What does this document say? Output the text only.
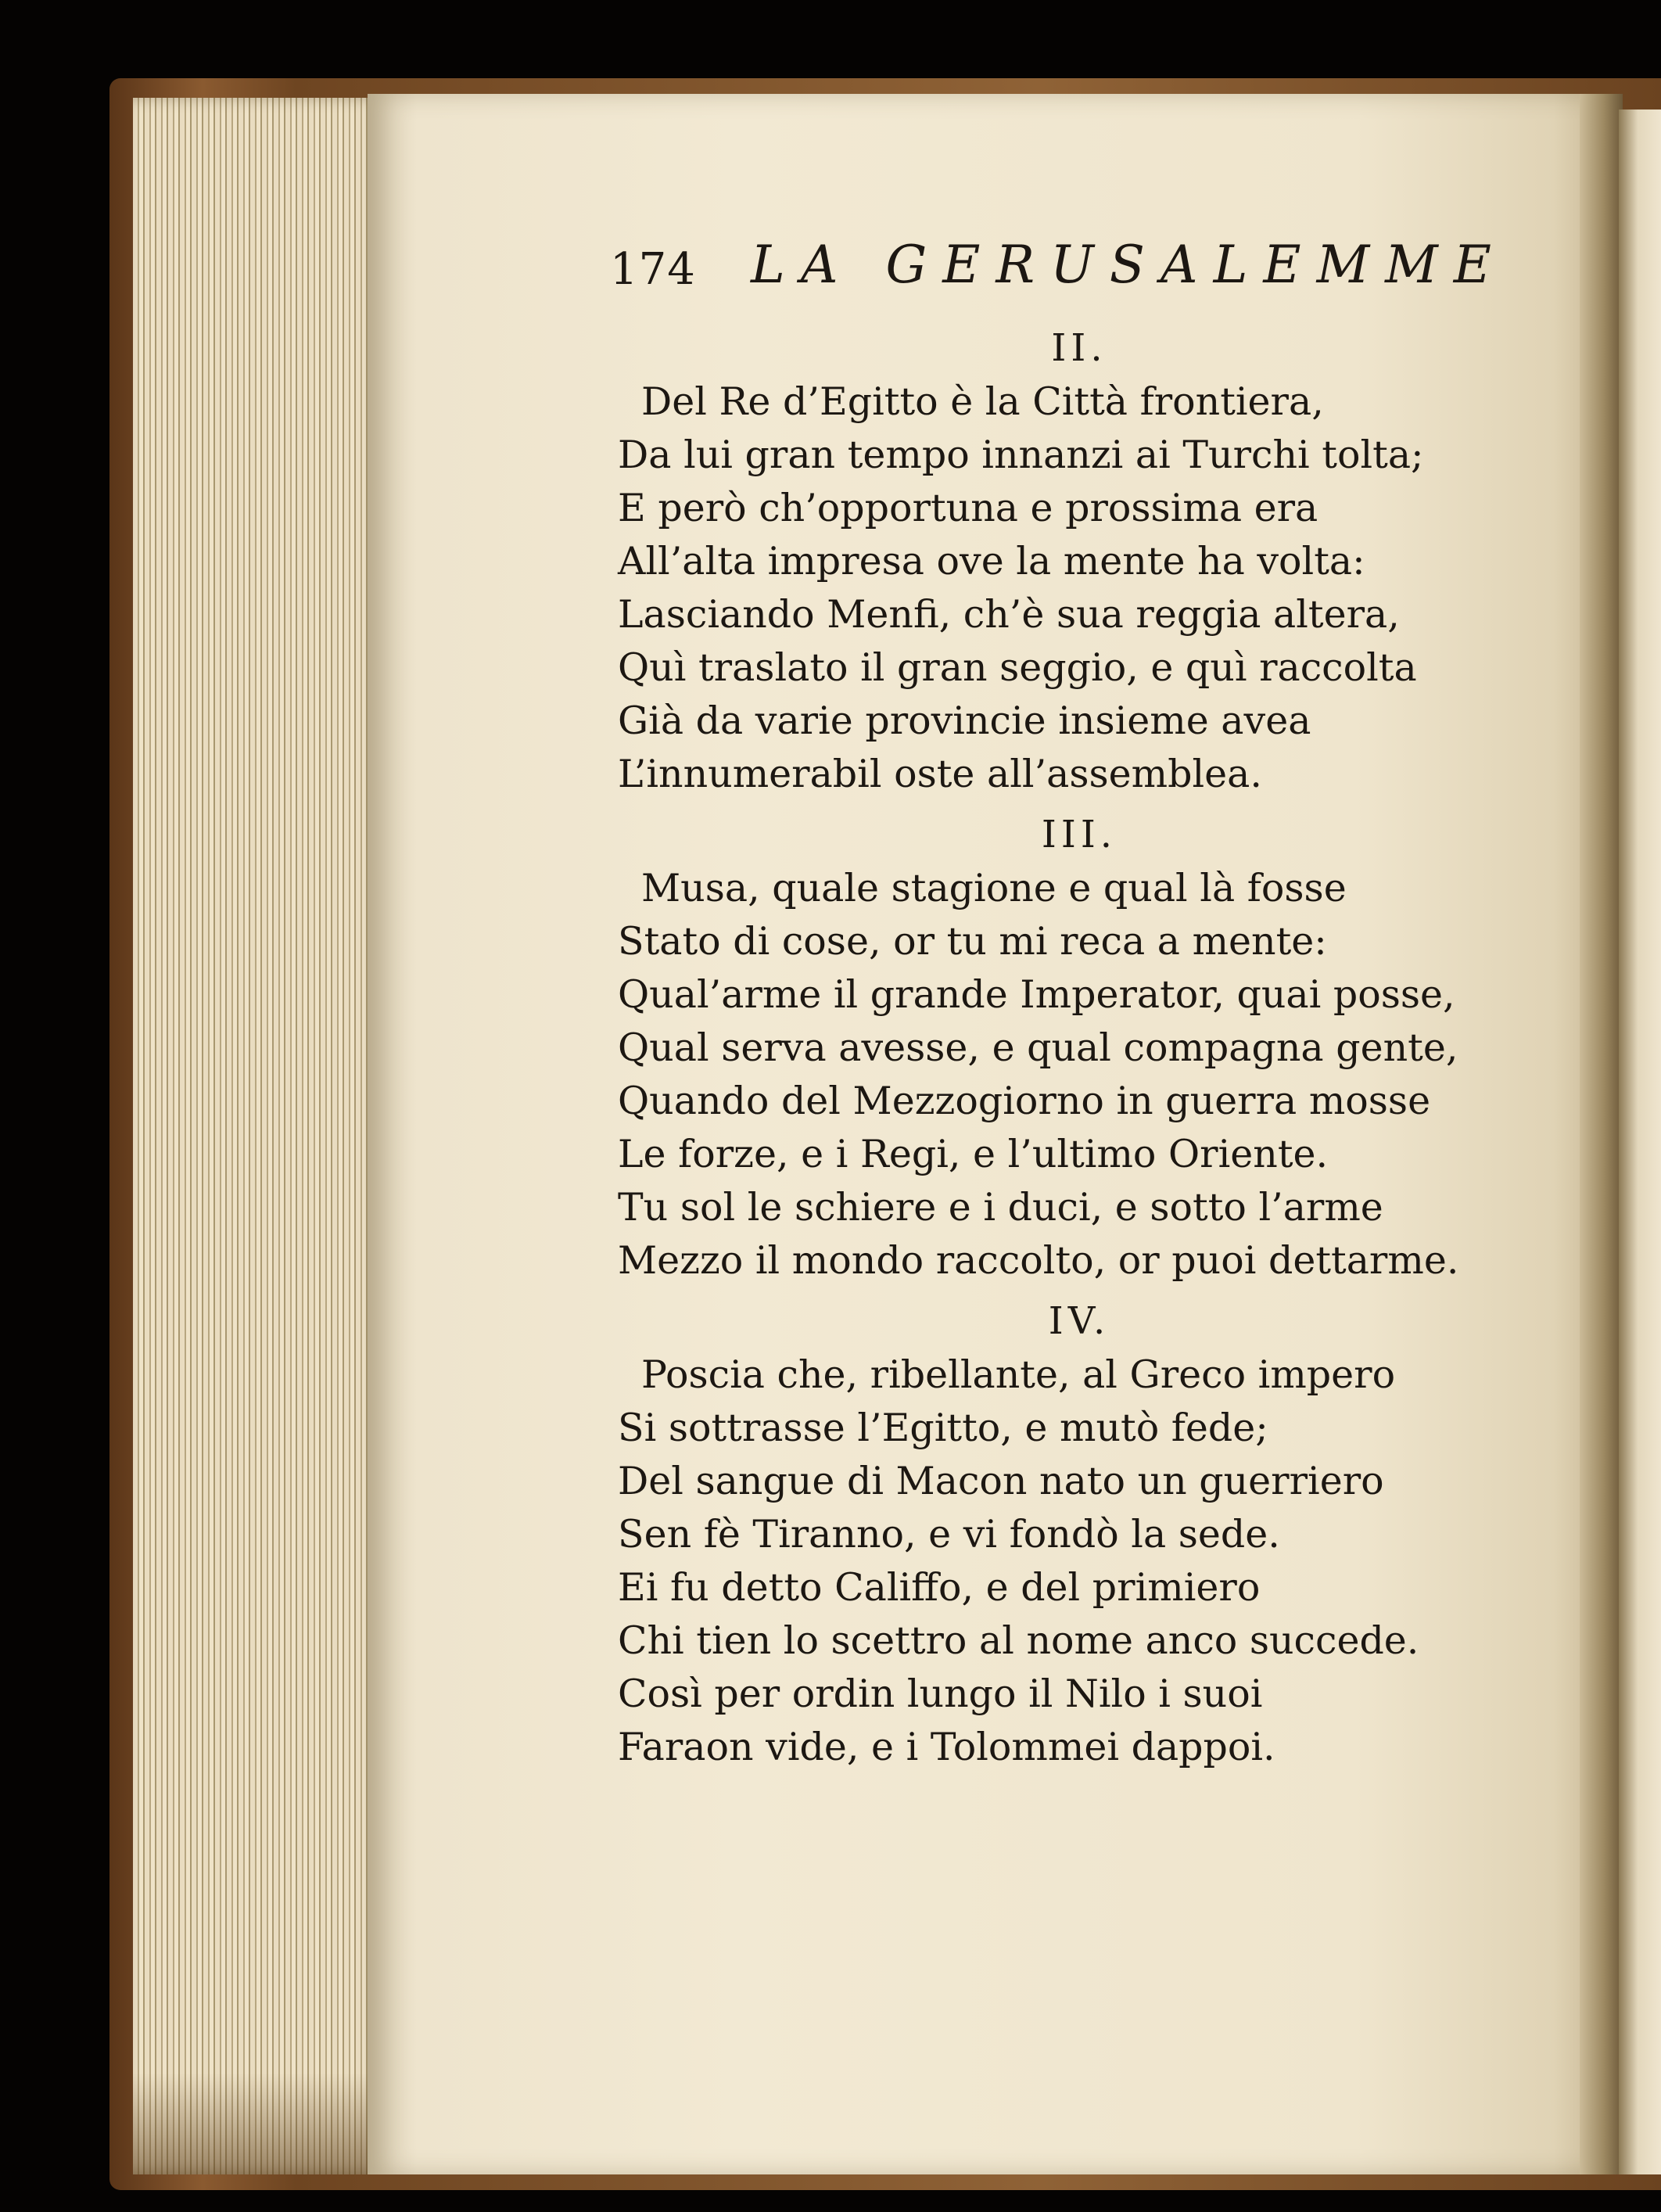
174 LA GERUSALEMME
II.
Del Re d’Egitto è la Città frontiera,
Da lui gran tempo innanzi ai Turchi tolta;
E però ch’opportuna e prossima era
All’alta impresa ove la mente ha volta:
Lasciando Menfi, ch’è sua reggia altera,
Quì traslato il gran seggio, e quì raccolta
Già da varie provincie insieme avea
L’innumerabil oste all’assemblea.
III.
Musa, quale stagione e qual là fosse
Stato di cose, or tu mi reca a mente:
Qual’arme il grande Imperator, quai posse,
Qual serva avesse, e qual compagna gente,
Quando del Mezzogiorno in guerra mosse
Le forze, e i Regi, e l’ultimo Oriente.
Tu sol le schiere e i duci, e sotto l’arme
Mezzo il mondo raccolto, or puoi dettarme.
IV.
Poscia che, ribellante, al Greco impero
Si sottrasse l’Egitto, e mutò fede;
Del sangue di Macon nato un guerriero
Sen fè Tiranno, e vi fondò la sede.
Ei fu detto Califfo, e del primiero
Chi tien lo scettro al nome anco succede.
Così per ordin lungo il Nilo i suoi
Faraon vide, e i Tolommei dappoi.
